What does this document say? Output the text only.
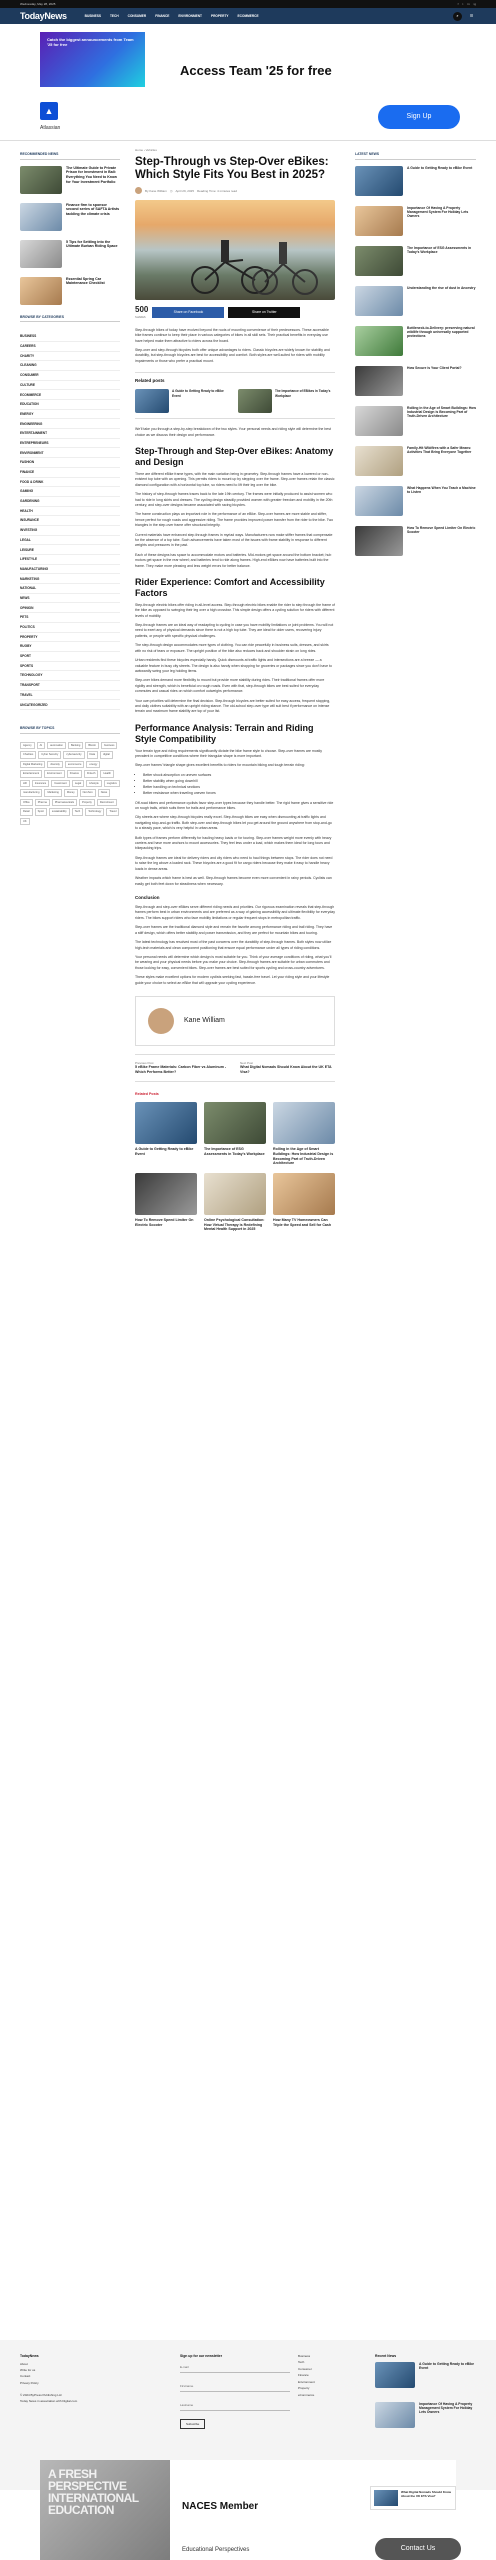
Wednesday, May 28, 2025	f t in ig
TodayNews	BUSINESS	TECH	CONSUMER	FINANCE	ENVIRONMENT	PROPERTY	ECOMMERCE	⌕	☰
Catch the biggest announcements from Team '25 for free
Access Team '25 for free
▲
Atlassian
Sign Up
RECOMMENDED NEWS

The Ultimate Guide to Private Prison for Investment in Bali: Everything You Need to Know for Your Investment Portfolio

Finance firm to sponsor second series of SAFTA Artists tackling the climate crisis

5 Tips for Settling into the Ultimate Burban Riding Space

Essential Spring Car Maintenance Checklist

BROWSE BY CATEGORIES
BUSINESS
CAREERS
CHARITY
CLEANING
CONSUMER
CULTURE
ECOMMERCE
EDUCATION
ENERGY
ENGINEERING
ENTERTAINMENT
ENTREPRENEURS
ENVIRONMENT
FASHION
FINANCE
FOOD & DRINK
GAMING
GARDENING
HEALTH
INSURANCE
INVESTING
LEGAL
LEISURE
LIFESTYLE
MANUFACTURING
MARKETING
NATIONAL
NEWS
OPINION
PETS
POLITICS
PROPERTY
RUGBY
SPORT
SPORTS
TECHNOLOGY
TRANSPORT
TRAVEL
UNCATEGORIZED
BROWSE BY TOPICS
Agency	AI	automation	Banking	Bitcoin	business
Charities	Cyber Security	cybersecurity	Data	digital
Digital Marketing	diversity	ecommerce	energy
Entertainment	Environment	Finance	Fintech	Health
HR	Insurance	Investment	Legal	Lifestyle	Logistics
manufacturing	Marketing	Money	Net Zero	News
Office	Pharma	Pharmaceuticals	Property	Recruitment
Retail	Sport	sustainability	Tech	Technology	Travel
UK
Home › Vehicles
Step-Through vs Step-Over eBikes: Which Style Fits You Best in 2025?
By Kane William ◷ April 29, 2025 Reading Time: 4 minutes read
500
SHARES
Share on Facebook	Share on Twitter

Step-through bikes of today have evolved beyond the roots of mounting convenience of their predecessors. These accessible bike frames continue to keep their place in various categories of bikes in all skill sets. Their practical benefits in everyday use have helped make them attractive to riders across the board.

Step-over and step-through bicycles both offer unique advantages to riders. Classic bicycles are widely known for stability and durability, but step-through bicycles are best for accessibility and comfort. Both styles are well-suited for riders with mobility impairments or those who prefer a practical mount.

Related posts

A Guide to Getting Ready to eBike Event

The Importance of EBikes in Today's Workplace

We'll take you through a step-by-step breakdown of the two styles. Your personal needs and riding style will determine the best choice as we discuss their design and performance.

Step-Through and Step-Over eBikes: Anatomy and Design

There are different eBike frame types, with the main variation being in geometry. Step-through frames have a lowered or non-existent top tube with an opening. This permits riders to mount up by stepping over the frame. Step-over frames retain the classic diamond configuration with a horizontal top tube, so riders need to lift their leg over the bike.

The history of step-through frames traces back to the late 19th century. The frames were initially produced to assist women who had to ride in long skirts and dresses. The cycling design steadily provided women with greater freedom and mobility in the 20th century, and step-over designs became associated with racing bicycles.

The frame construction plays an important role in the performance of an eBike. Step-over frames are more stable and stiffer, hence perfect for rough roads and aggressive riding. The frame provides improved power transfer from the rider to the bike. Two triangles in the step-over frame offer structural integrity.

Current materials have enhanced step-through frames in myriad ways. Manufacturers now make stiffer frames that compensate for the absence of a top tube. Such advancements have taken most of the issues with frame stability in response to different weights and pressures in the past.

Each of these designs has space to accommodate motors and batteries. Mid-motors get space around the bottom bracket; hub motors get space in the rear wheel; and batteries tend to ride along frames. High-end eBikes now have batteries built into the frame. They make more pleasing and less weight errors for better balance.

Rider Experience: Comfort and Accessibility Factors

Step-through electric bikes offer riding in all-level access. Step-through electric bikes enable the rider to step through the frame of the bike as opposed to swinging their leg over a high crossbar. This simple design offers a cycling solution for riders with different levels of mobility.

Step-through frames are an ideal way of readapting to cycling in case you have mobility limitations or joint problems. You will not need to exert any of physical demands since there is not a high top tube. They are ideal for older users, recovering injury patients, or people with specific physical challenges.

The step-through design accommodates more types of clothing. You can ride peacefully in business suits, dresses, and skirts with no risk of tears or exposure. The upright position of the bike also reduces back and shoulder strain on long rides.

Urban residents find these bicycles especially handy. Quick dismounts at traffic lights and intersections are a breeze — a valuable feature in busy city streets. The design is also handy when shopping for groceries or packages since you don't have to awkwardly swing your leg holding items.

Step-over bikes demand more flexibility to mount but provide more stability during rides. Their traditional frames offer more rigidity and strength, which is beneficial on rough roads. Even with that, step-through bikes are best suited for everyday commutes and casual rides on which comfort outweighs performance.

Your own priorities will determine the final decision. Step-through bicycles are better suited for easy access, frequent stopping, and daily clothes suitability with an upright riding stance. The old-school step-over type will suit best if performance on intense terrain and maximum frame stability are top of your list.

Performance Analysis: Terrain and Riding Style Compatibility

Your terrain type and riding requirements significantly dictate the bike frame style to choose. Step-over frames are mostly prevalent in competitive conditions where their triangular shape is more important.

Step-over frames' triangle shape gives excellent benefits to riders for mountain biking and tough terrain riding:

• Better shock absorption on uneven surfaces
• Better stability when going downhill
• Better handling on technical sections
• Better resistance when traveling uneven forces

Off-road bikers and performance cyclists favor step-over types because they handle better. The rigid frame gives a sensitive ride on rough trails, which suits them for trails and performance bikes.

City streets are where step-through bicycles really excel. Step-through bikes are easy when dismounting at traffic lights and navigating stop-and-go traffic. Both step-over and step-through bikes let you get around the ground anywhere from stop-and-go to a steady pace, which is very helpful in urban areas.

Both types of frames perform differently for hauling heavy loads or for touring. Step-over frames weight more evenly with heavy carriers and have more anchors to mount accessories. They feel less under a load, which makes them ideal for long tours and bikepacking trips.

Step-through frames are ideal for delivery riders and city riders who need to haul things between stops. The rider does not need to raise the leg above a loaded rack. These bicycles are a good fit for cargo riders because they make it easy to handle heavy loads in dense areas.

Weather impacts which frame is best as well. Step-through frames become even more convenient in rainy periods. Cyclists can easily get both feet down for steadiness when necessary.

Conclusion

Step-through and step-over eBikes serve different riding needs and priorities. Our rigorous examination reveals that step-through frames perform best in urban environments and are preferred as a way of gaining accessibility and ultimate flexibility for everyday riders. The bikes support riders who face mobility limitations or regular frequent stops in metropolitan traffic.

Step-over frames are the traditional diamond style and remain the favorite among performance riding and trail riding. They have a stiff design, which offers better stability and power transmission, and they are perfect for mountain bikes and touring.

The latest technology has resolved most of the past concerns over the durability of step-through frames. Both styles now utilize high-tech materials and clean component positioning that ensure equal performance under all types of riding conditions.

Your personal needs will determine which design is most suitable for you. Think of your average conditions of riding, what you'll be wearing and your physical needs before you make your choice. Step-through frames are suitable for urban commuters and those looking for easy, convenient bikes. Step-over frames are best suited for sports cycling and cross-country adventures.

These styles make excellent options for modern cyclists seeking fast, hassle-free travel. Let your riding style and your lifestyle guide your choice to select an eBike that will upgrade your cycling experience.

Kane William
Previous Post

5 eBike Frame Materials: Carbon Fiber vs Aluminum - Which Performs Better?

Next Post

What Digital Nomads Should Know About the UK ETA Visa?

Related Posts

A Guide to Getting Ready to eBike Event

The Importance of ESG Assessments in Today's Workplace

Rolling in the Age of Smart Buildings: How Industrial Design is Becoming Part of Truth-Driven Architecture

How To Remove Speed Limiter On Electric Scooter

Online Psychological Consultation: How Virtual Therapy is Redefining Mental Health Support in 2025

How Many TV Homeowners Can Triple the Speed and Sell for Cash

LATEST NEWS

A Guide to Getting Ready to eBike Event

Importance Of Having A Property Management System For Holiday Lets Owners

The Importance of ESG Assessments in Today's Workplace

Understanding the rise of dust in Ancestry

Bottleneck-to-Delivery: preserving natural wildlife through universally supported protections

How Secure is Your Client Portal?

Rolling in the Age of Smart Buildings: How Industrial Design is Becoming Part of Truth-Driven Architecture

Family-Hit Wildfires with a Safer Means: Activities That Bring Everyone Together

What Happens When You Teach a Machine to Listen

How To Remove Speed Limiter On Electric Scooter

TodayNews
About
Write for us
Contact
Privacy Policy
© 2024 ByPress Publishing Ltd
Today News in association with Digital.com
Sign up for our newsletter
E-mail
Firstname
Lastname
Subscribe
Business
Tech
Consumer
Finance
Environment
Property
eCommerce
Recent News

A Guide to Getting Ready to eBike Event

Importance Of Having A Property Management System For Holiday Lets Owners

A FRESH
PERSPECTIVE
INTERNATIONAL
EDUCATION	NACES Member
Educational Perspectives

What Digital Nomads Should Know About the UK ETA Visa?

Contact Us
